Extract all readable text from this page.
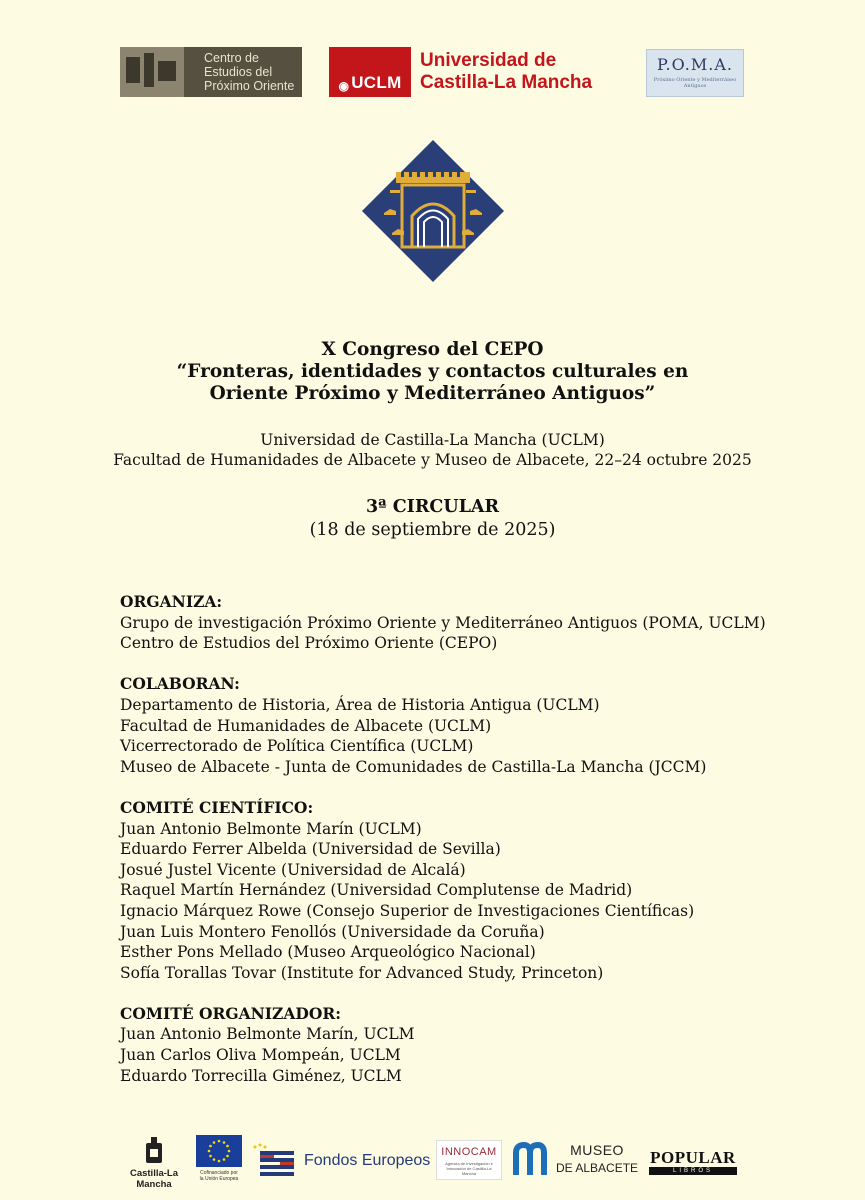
Centro de
Estudios del
Próximo Oriente	◉ UCLM
Universidad de
Castilla-La Mancha
P.O.M.A.
Próximo Oriente y Mediterráneo Antiguos
X Congreso del CEPO
“Fronteras, identidades y contactos culturales en
Oriente Próximo y Mediterráneo Antiguos”
Universidad de Castilla-La Mancha (UCLM)
Facultad de Humanidades de Albacete y Museo de Albacete, 22–24 octubre 2025
3ª CIRCULAR
(18 de septiembre de 2025)
ORGANIZA:
Grupo de investigación Próximo Oriente y Mediterráneo Antiguos (POMA, UCLM)
Centro de Estudios del Próximo Oriente (CEPO)
COLABORAN:
Departamento de Historia, Área de Historia Antigua (UCLM)
Facultad de Humanidades de Albacete (UCLM)
Vicerrectorado de Política Científica (UCLM)
Museo de Albacete - Junta de Comunidades de Castilla-La Mancha (JCCM)
COMITÉ CIENTÍFICO:
Juan Antonio Belmonte Marín (UCLM)
Eduardo Ferrer Albelda (Universidad de Sevilla)
Josué Justel Vicente (Universidad de Alcalá)
Raquel Martín Hernández (Universidad Complutense de Madrid)
Ignacio Márquez Rowe (Consejo Superior de Investigaciones Científicas)
Juan Luis Montero Fenollós (Universidade da Coruña)
Esther Pons Mellado (Museo Arqueológico Nacional)
Sofía Torallas Tovar (Institute for Advanced Study, Princeton)
COMITÉ ORGANIZADOR:
Juan Antonio Belmonte Marín, UCLM
Juan Carlos Oliva Mompeán, UCLM
Eduardo Torrecilla Giménez, UCLM
Castilla-La Mancha
Cofinanciado por
la Unión Europea
Fondos Europeos INNOCAM
Agencia de Investigación e Innovación de Castilla-La Mancha
MUSEO
DE ALBACETE
POPULAR
LIBROS
